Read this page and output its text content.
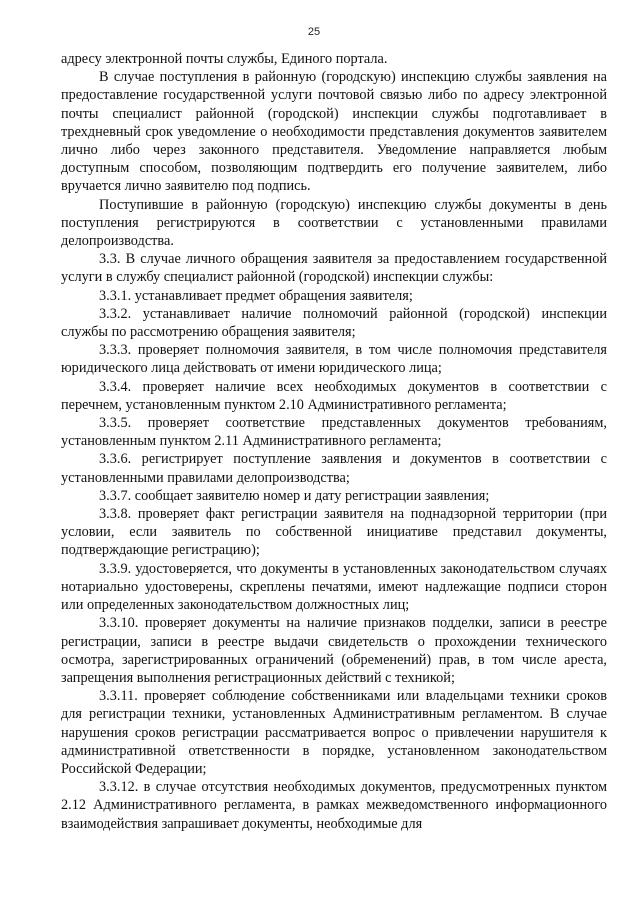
25

адресу электронной почты службы, Единого портала.

В случае поступления в районную (городскую) инспекцию службы заявления на предоставление государственной услуги почтовой связью либо по адресу электронной почты специалист районной (городской) инспекции службы подготавливает в трехдневный срок уведомление о необходимости представления документов заявителем лично либо через законного представителя. Уведомление направляется любым доступным способом, позволяющим подтвердить его получение заявителем, либо вручается лично заявителю под подпись.

Поступившие в районную (городскую) инспекцию службы документы в день поступления регистрируются в соответствии с установленными правилами делопроизводства.

3.3. В случае личного обращения заявителя за предоставлением государственной услуги в службу специалист районной (городской) инспекции службы:

3.3.1. устанавливает предмет обращения заявителя;

3.3.2. устанавливает наличие полномочий районной (городской) инспекции службы по рассмотрению обращения заявителя;

3.3.3. проверяет полномочия заявителя, в том числе полномочия представителя юридического лица действовать от имени юридического лица;

3.3.4. проверяет наличие всех необходимых документов в соответствии с перечнем, установленным пунктом 2.10 Административного регламента;

3.3.5. проверяет соответствие представленных документов требованиям, установленным пунктом 2.11 Административного регламента;

3.3.6. регистрирует поступление заявления и документов в соответствии с установленными правилами делопроизводства;

3.3.7. сообщает заявителю номер и дату регистрации заявления;

3.3.8. проверяет факт регистрации заявителя на поднадзорной территории (при условии, если заявитель по собственной инициативе представил документы, подтверждающие регистрацию);

3.3.9. удостоверяется, что документы в установленных законодательством случаях нотариально удостоверены, скреплены печатями, имеют надлежащие подписи сторон или определенных законодательством должностных лиц;

3.3.10. проверяет документы на наличие признаков подделки, записи в реестре регистрации, записи в реестре выдачи свидетельств о прохождении технического осмотра, зарегистрированных ограничений (обременений) прав, в том числе ареста, запрещения выполнения регистрационных действий с техникой;

3.3.11. проверяет соблюдение собственниками или владельцами техники сроков для регистрации техники, установленных Административным регламентом. В случае нарушения сроков регистрации рассматривается вопрос о привлечении нарушителя к административной ответственности в порядке, установленном законодательством Российской Федерации;

3.3.12. в случае отсутствия необходимых документов, предусмотренных пунктом 2.12 Административного регламента, в рамках межведомственного информационного взаимодействия запрашивает документы, необходимые для
